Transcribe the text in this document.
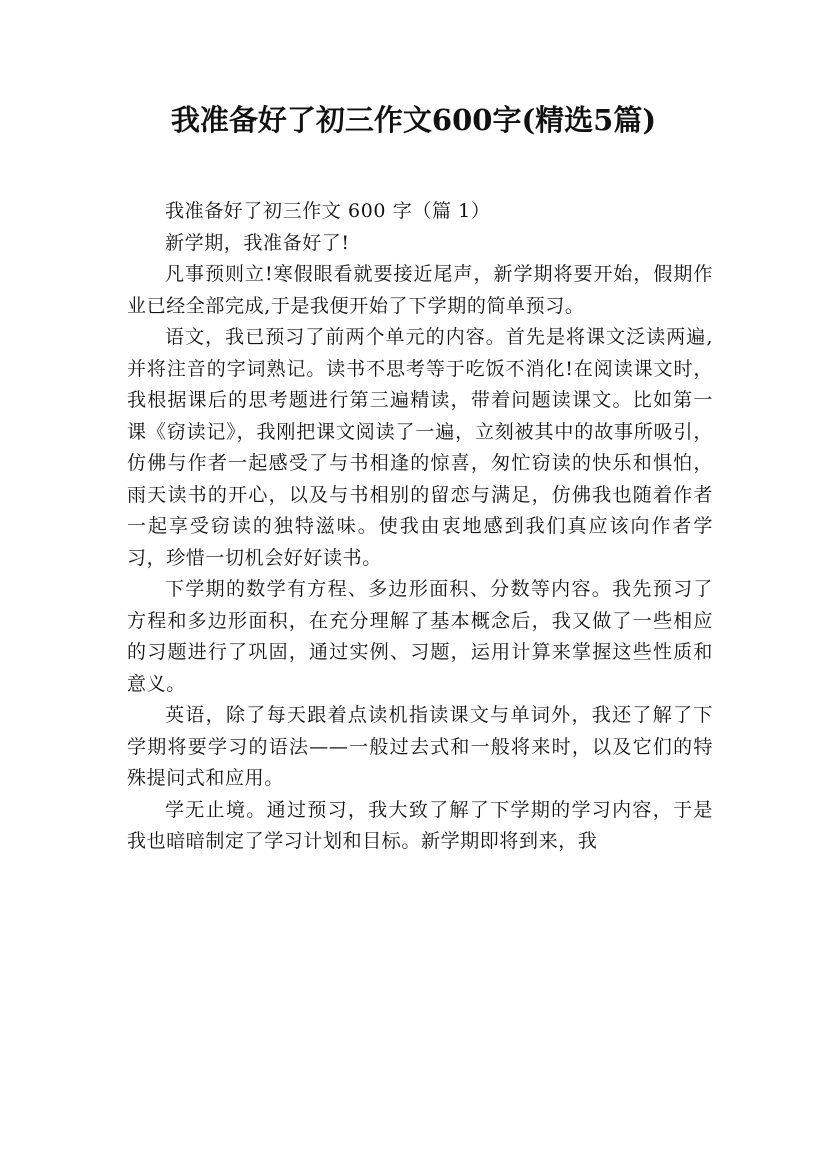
我准备好了初三作文600字(精选5篇)

我准备好了初三作文 600 字（篇 1）

新学期，我准备好了!

凡事预则立!寒假眼看就要接近尾声，新学期将要开始，假期作业已经全部完成,于是我便开始了下学期的简单预习。

语文，我已预习了前两个单元的内容。首先是将课文泛读两遍,并将注音的字词熟记。读书不思考等于吃饭不消化!在阅读课文时，我根据课后的思考题进行第三遍精读，带着问题读课文。比如第一课《窃读记》，我刚把课文阅读了一遍，立刻被其中的故事所吸引，仿佛与作者一起感受了与书相逢的惊喜，匆忙窃读的快乐和惧怕，雨天读书的开心，以及与书相别的留恋与满足，仿佛我也随着作者一起享受窃读的独特滋味。使我由衷地感到我们真应该向作者学习，珍惜一切机会好好读书。

下学期的数学有方程、多边形面积、分数等内容。我先预习了方程和多边形面积，在充分理解了基本概念后，我又做了一些相应的习题进行了巩固，通过实例、习题，运用计算来掌握这些性质和意义。

英语，除了每天跟着点读机指读课文与单词外，我还了解了下学期将要学习的语法——一般过去式和一般将来时，以及它们的特殊提问式和应用。

学无止境。通过预习，我大致了解了下学期的学习内容，于是我也暗暗制定了学习计划和目标。新学期即将到来，我
